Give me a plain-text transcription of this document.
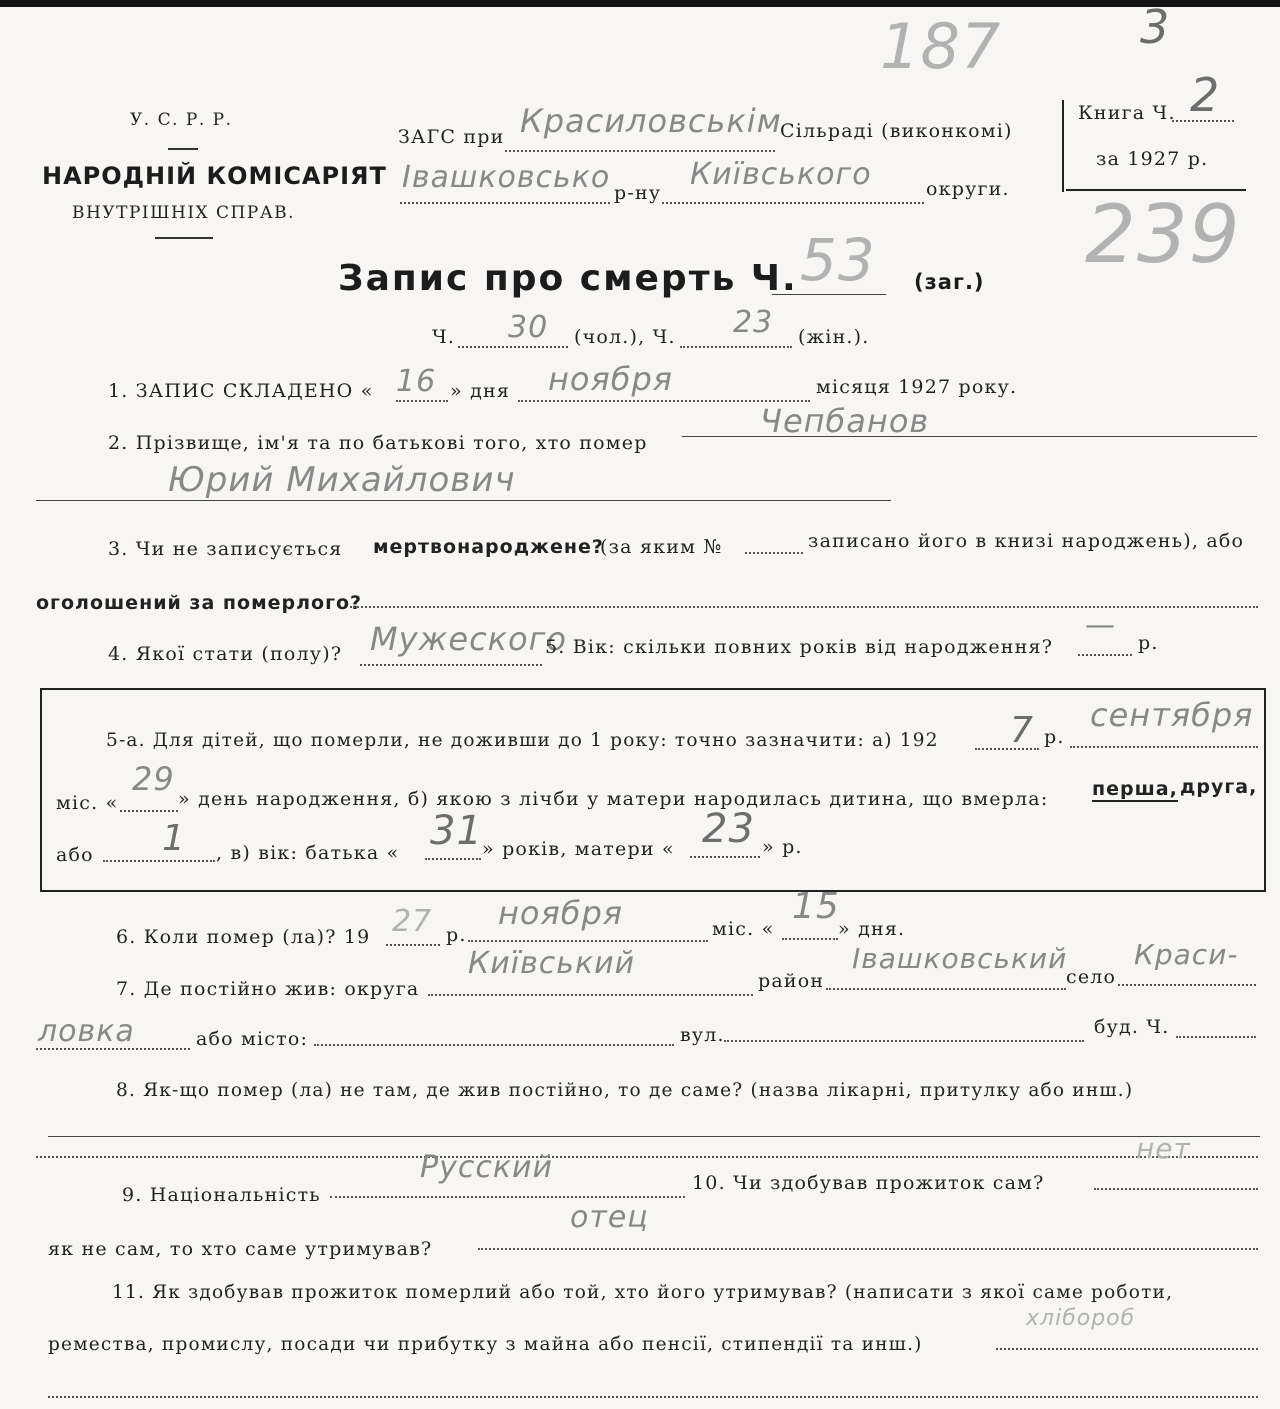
У. С. Р. Р.
НАРОДНІЙ КОМІСАРІЯТ
ВНУТРІШНІХ СПРАВ.
187	3
239
ЗАГС при Красиловськім
Сільраді (виконкомі)
Івашковсько р-ну
Київського	округи.
Книга Ч. 2
за 1927 р.
Запис про смерть Ч. 53 (заг.)
Ч. 30 (чол.), Ч. 23 (жін.).
1. ЗАПИС СКЛАДЕНО « 16 » дня ноября	місяця 1927 року.
2. Прізвище, ім'я та по батькові того, хто помер
Чепбанов
Юрий Михайлович
3. Чи не записується мертвонароджене?
(за яким №	записано його в книзі народжень), або
оголошений за померлого?
4. Якої стати (полу)? Мужеского
5. Вік: скільки повних років від народження?
— р.
5-а. Для дітей, що померли, не доживши до 1 року: точно зазначити: а) 192 7 р.
сентября
міс. «
29
» день народження, б) якою з лічби у матери народилась дитина, що вмерла: перша, друга,
або 1 , в) вік: батька « 31 » років, матери « 23 » р.
6. Коли помер (ла)? 19 27 р.
ноября	міс. «
15
» дня.
7. Де постійно жив: округа
Київський	район
Івашковський
село
Краси-
ловка	або місто:	вул.	буд. Ч.
8. Як-що помер (ла) не там, де жив постійно, то де саме? (назва лікарні, притулку або инш.)
9. Національність
Русский	10. Чи здобував прожиток сам?
нет
як не сам, то хто саме утримував?
отец
11. Як здобував прожиток померлий або той, хто його утримував? (написати з якої саме роботи,
ремества, промислу, посади чи прибутку з майна або пенсії, стипендії та инш.)
хлібороб
